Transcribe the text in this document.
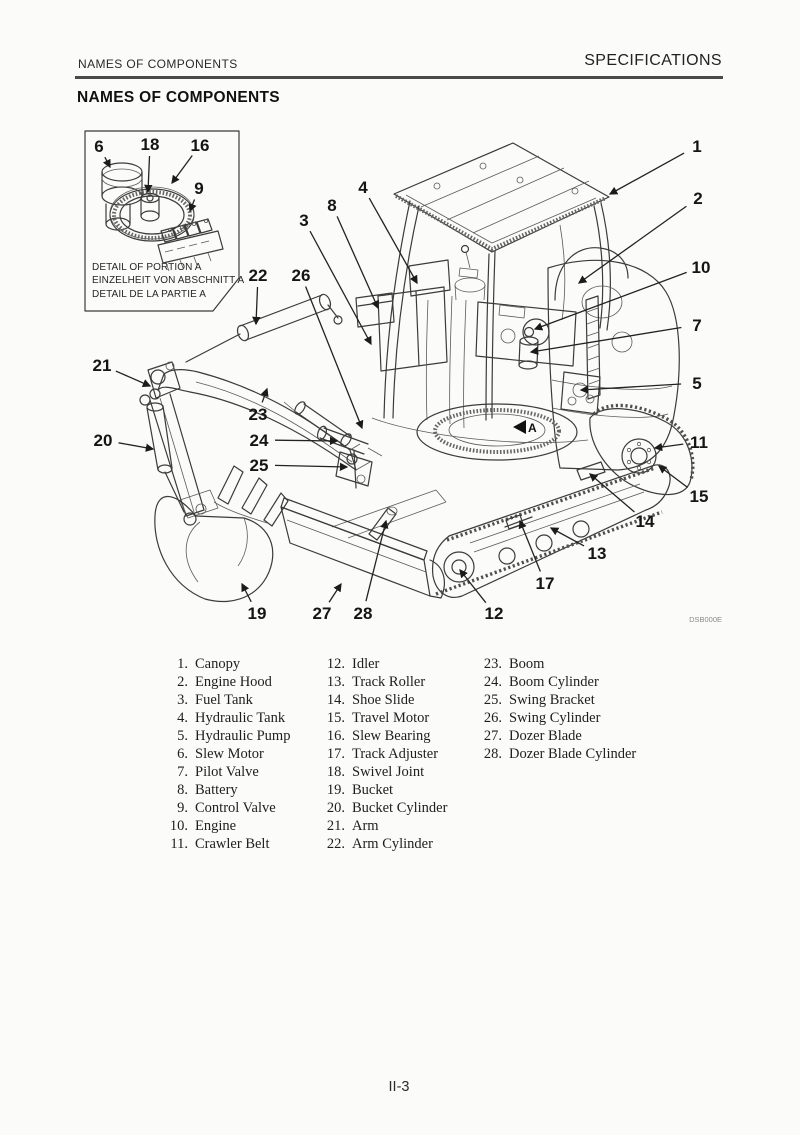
NAMES OF COMPONENTS	SPECIFICATIONS
NAMES OF COMPONENTS
A
DSB000E
1
2
10
7
5
11
15
14
13
17
12
4
8
3
26
22
21
20
23
24
25
19	27 28
6 18 16
9
DETAIL OF PORTION A
EINZELHEIT VON ABSCHNITT A
DETAIL DE LA PARTIE A
1. Canopy
2. Engine Hood
3. Fuel Tank
4. Hydraulic Tank
5. Hydraulic Pump
6. Slew Motor
7. Pilot Valve
8. Battery
9. Control Valve
10. Engine
11. Crawler Belt
12. Idler
13. Track Roller
14. Shoe Slide
15. Travel Motor
16. Slew Bearing
17. Track Adjuster
18. Swivel Joint
19. Bucket
20. Bucket Cylinder
21. Arm
22. Arm Cylinder
23. Boom
24. Boom Cylinder
25. Swing Bracket
26. Swing Cylinder
27. Dozer Blade
28. Dozer Blade Cylinder
II-3
